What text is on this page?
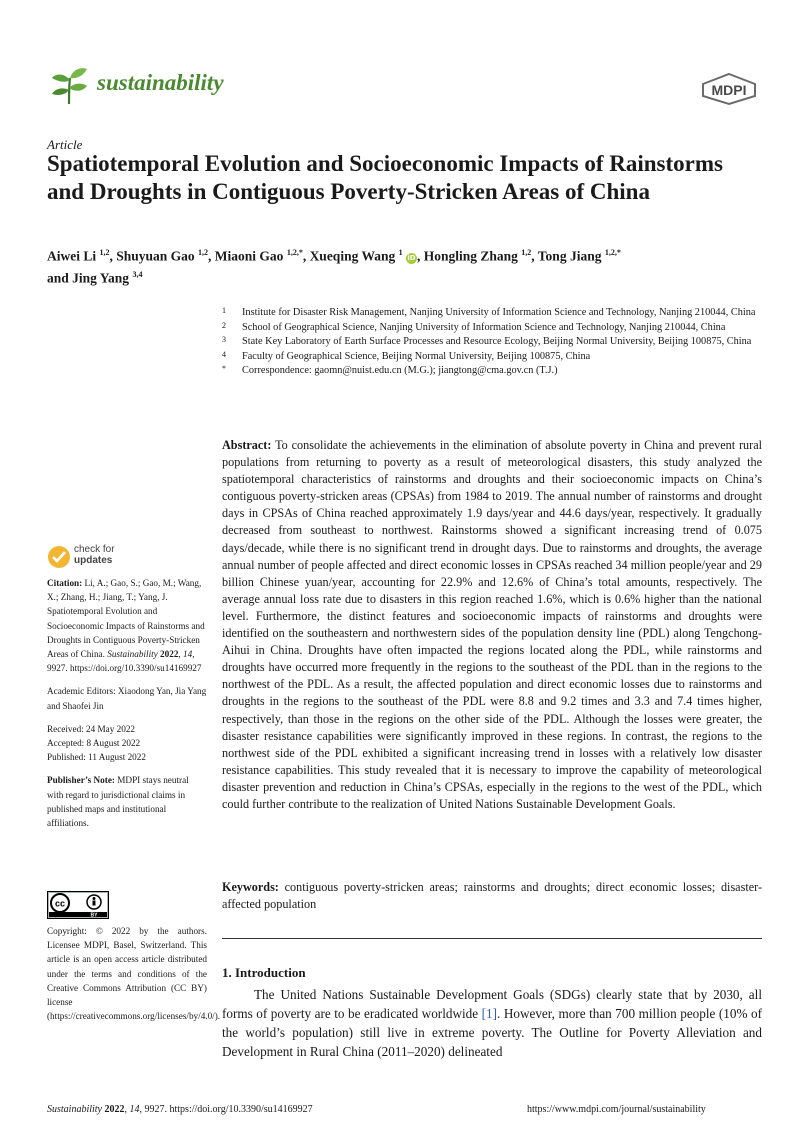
sustainability	MDPI
Article
Spatiotemporal Evolution and Socioeconomic Impacts of Rainstorms and Droughts in Contiguous Poverty-Stricken Areas of China
Aiwei Li $^{1,2}$, Shuyuan Gao $^{1,2}$, Miaoni Gao $^{1,2,*}$, Xueqing Wang $^1$ iD, Hongling Zhang $^{1,2}$, Tong Jiang $^{1,2,*}$
and Jing Yang $^{3,4}$
1 Institute for Disaster Risk Management, Nanjing University of Information Science and Technology, Nanjing 210044, China
2 School of Geographical Science, Nanjing University of Information Science and Technology, Nanjing 210044, China
3 State Key Laboratory of Earth Surface Processes and Resource Ecology, Beijing Normal University, Beijing 100875, China
4 Faculty of Geographical Science, Beijing Normal University, Beijing 100875, China
* Correspondence: gaomn@nuist.edu.cn (M.G.); jiangtong@cma.gov.cn (T.J.)
Abstract: To consolidate the achievements in the elimination of absolute poverty in China and prevent rural populations from returning to poverty as a result of meteorological disasters, this study analyzed the spatiotemporal characteristics of rainstorms and droughts and their socioeconomic impacts on China’s contiguous poverty-stricken areas (CPSAs) from 1984 to 2019. The annual number of rainstorms and drought days in CPSAs of China reached approximately 1.9 days/year and 44.6 days/year, respectively. It gradually decreased from southeast to northwest. Rainstorms showed a significant increasing trend of 0.075 days/decade, while there is no significant trend in drought days. Due to rainstorms and droughts, the average annual number of people affected and direct economic losses in CPSAs reached 34 million people/year and 29 billion Chinese yuan/year, accounting for 22.9% and 12.6% of China’s total amounts, respectively. The average annual loss rate due to disasters in this region reached 1.6%, which is 0.6% higher than the national level. Furthermore, the distinct features and socioeconomic impacts of rainstorms and droughts were identified on the southeastern and northwestern sides of the population density line (PDL) along Tengchong-Aihui in China. Droughts have often impacted the regions located along the PDL, while rainstorms and droughts have occurred more frequently in the regions to the southeast of the PDL than in the regions to the northwest of the PDL. As a result, the affected population and direct economic losses due to rainstorms and droughts in the regions to the southeast of the PDL were 8.8 and 9.2 times and 3.3 and 7.4 times higher, respectively, than those in the regions on the other side of the PDL. Although the losses were greater, the disaster resistance capabilities were significantly improved in these regions. In contrast, the regions to the northwest side of the PDL exhibited a significant increasing trend in losses with a relatively low disaster resistance capabilities. This study revealed that it is necessary to improve the capability of meteorological disaster prevention and reduction in China’s CPSAs, especially in the regions to the west of the PDL, which could further contribute to the realization of United Nations Sustainable Development Goals.
Keywords: contiguous poverty-stricken areas; rainstorms and droughts; direct economic losses; disaster-affected population
check for
updates

Citation: Li, A.; Gao, S.; Gao, M.; Wang, X.; Zhang, H.; Jiang, T.; Yang, J. Spatiotemporal Evolution and Socioeconomic Impacts of Rainstorms and Droughts in Contiguous Poverty-Stricken Areas of China. Sustainability 2022, 14, 9927. https://doi.org/10.3390/su14169927

Academic Editors: Xiaodong Yan, Jia Yang and Shaofei Jin

Received: 24 May 2022
Accepted: 8 August 2022
Published: 11 August 2022

Publisher’s Note: MDPI stays neutral with regard to jurisdictional claims in published maps and institutional affiliations.

cc
BY
Copyright: © 2022 by the authors. Licensee MDPI, Basel, Switzerland. This article is an open access article distributed under the terms and conditions of the Creative Commons Attribution (CC BY) license (https://creativecommons.org/licenses/by/4.0/).
1. Introduction
The United Nations Sustainable Development Goals (SDGs) clearly state that by 2030, all forms of poverty are to be eradicated worldwide [1]. However, more than 700 million people (10% of the world’s population) still live in extreme poverty. The Outline for Poverty Alleviation and Development in Rural China (2011–2020) delineated
Sustainability 2022, 14, 9927. https://doi.org/10.3390/su14169927	https://www.mdpi.com/journal/sustainability
